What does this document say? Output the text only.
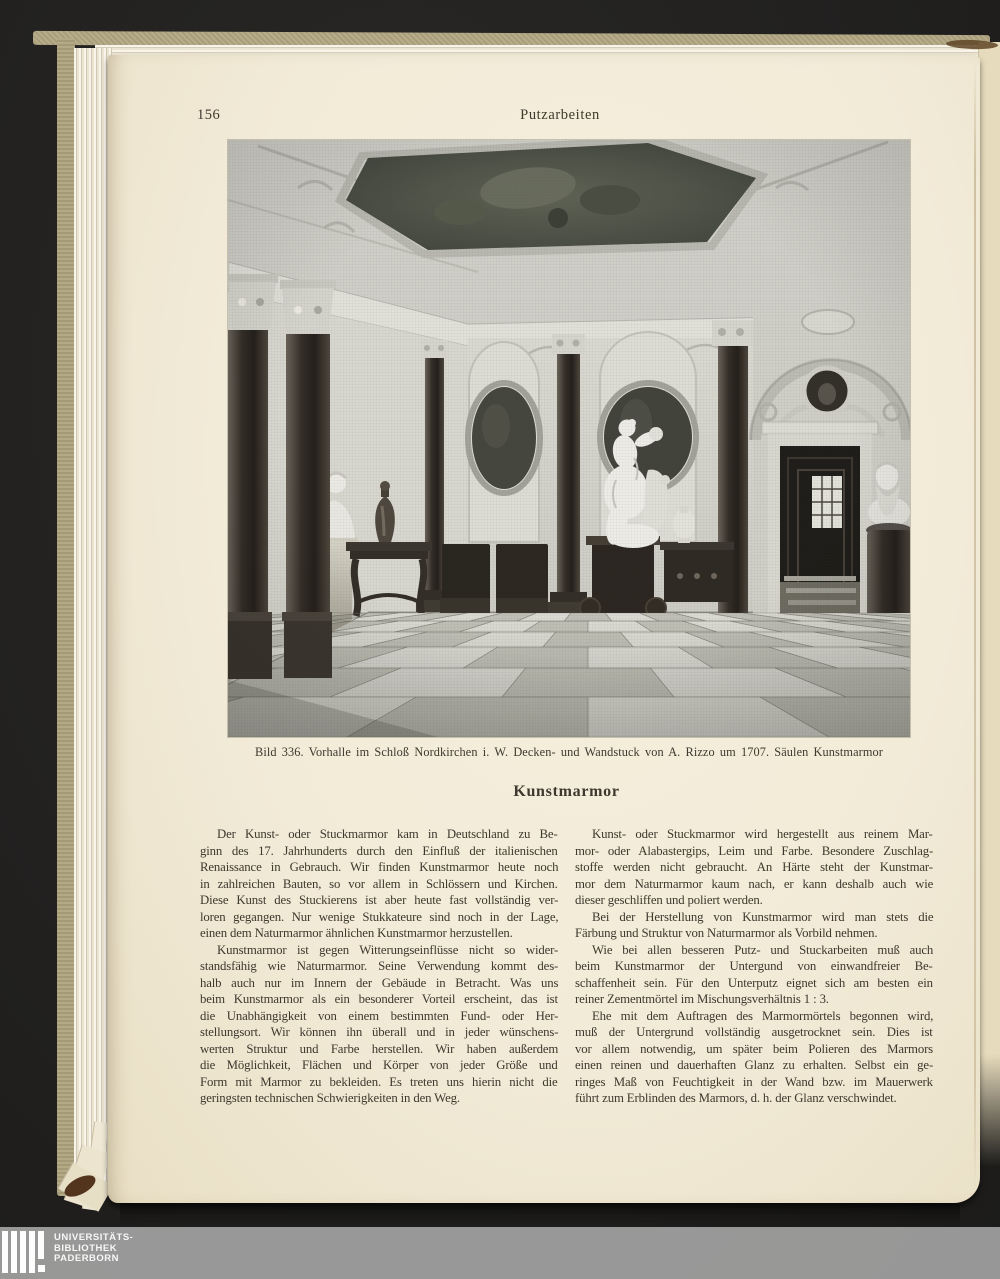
156	Putzarbeiten
Bild 336. Vorhalle im Schloß Nordkirchen i. W. Decken- und Wandstuck von A. Rizzo um 1707. Säulen Kunstmarmor
Kunstmarmor
Der Kunst- oder Stuckmarmor kam in Deutschland zu Be-
ginn des 17. Jahrhunderts durch den Einfluß der italienischen
Renaissance in Gebrauch. Wir finden Kunstmarmor heute noch
in zahlreichen Bauten, so vor allem in Schlössern und Kirchen.
Diese Kunst des Stuckierens ist aber heute fast vollständig ver-
loren gegangen. Nur wenige Stukkateure sind noch in der Lage,
einen dem Naturmarmor ähnlichen Kunstmarmor herzustellen.
Kunstmarmor ist gegen Witterungseinflüsse nicht so wider-
standsfähig wie Naturmarmor. Seine Verwendung kommt des-
halb auch nur im Innern der Gebäude in Betracht. Was uns
beim Kunstmarmor als ein besonderer Vorteil erscheint, das ist
die Unabhängigkeit von einem bestimmten Fund- oder Her-
stellungsort. Wir können ihn überall und in jeder wünschens-
werten Struktur und Farbe herstellen. Wir haben außerdem
die Möglichkeit, Flächen und Körper von jeder Größe und
Form mit Marmor zu bekleiden. Es treten uns hierin nicht die
geringsten technischen Schwierigkeiten in den Weg.
Kunst- oder Stuckmarmor wird hergestellt aus reinem Mar-
mor- oder Alabastergips, Leim und Farbe. Besondere Zuschlag-
stoffe werden nicht gebraucht. An Härte steht der Kunstmar-
mor dem Naturmarmor kaum nach, er kann deshalb auch wie
dieser geschliffen und poliert werden.
Bei der Herstellung von Kunstmarmor wird man stets die
Färbung und Struktur von Naturmarmor als Vorbild nehmen.
Wie bei allen besseren Putz- und Stuckarbeiten muß auch
beim Kunstmarmor der Untergund von einwandfreier Be-
schaffenheit sein. Für den Unterputz eignet sich am besten ein
reiner Zementmörtel im Mischungsverhältnis 1 : 3.
Ehe mit dem Auftragen des Marmormörtels begonnen wird,
muß der Untergrund vollständig ausgetrocknet sein. Dies ist
vor allem notwendig, um später beim Polieren des Marmors
einen reinen und dauerhaften Glanz zu erhalten. Selbst ein ge-
ringes Maß von Feuchtigkeit in der Wand bzw. im Mauerwerk
führt zum Erblinden des Marmors, d. h. der Glanz verschwindet.
UNIVERSITÄTS-
BIBLIOTHEK
PADERBORN
